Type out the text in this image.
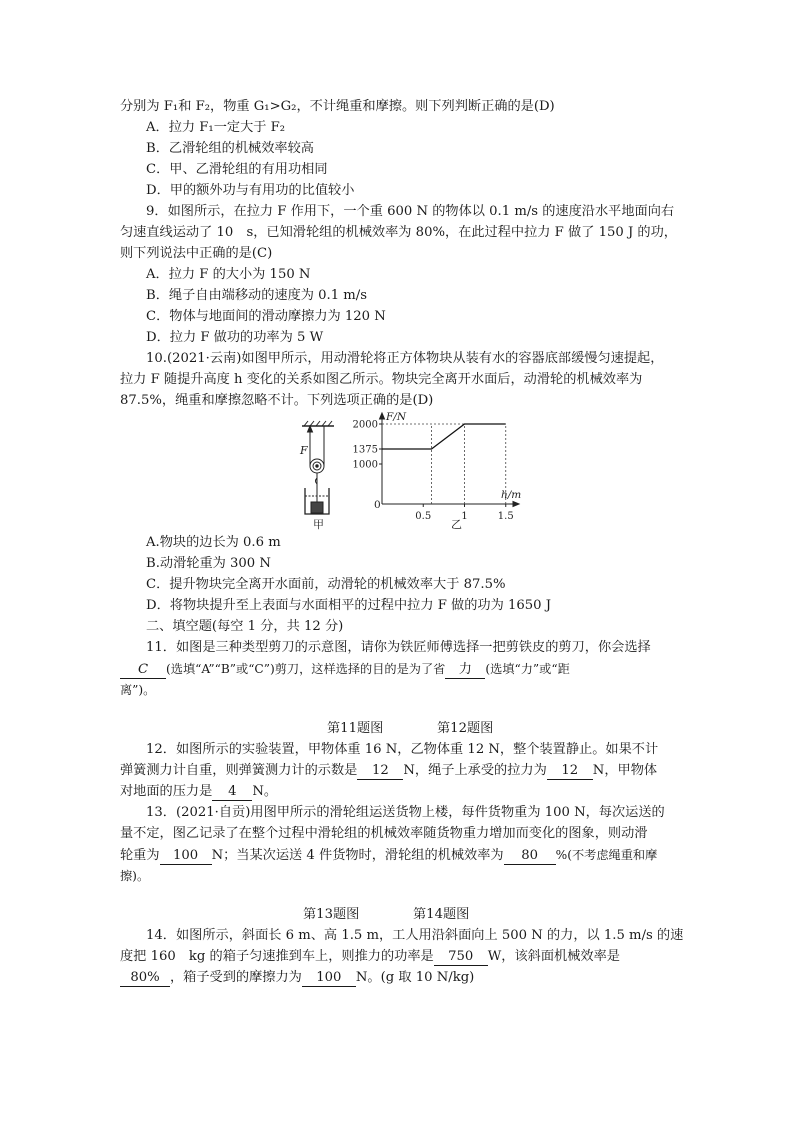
分别为 F₁和 F₂，物重 G₁>G₂，不计绳重和摩擦。则下列判断正确的是(D)
A．拉力 F₁一定大于 F₂
B．乙滑轮组的机械效率较高
C．甲、乙滑轮组的有用功相同
D．甲的额外功与有用功的比值较小
9．如图所示，在拉力 F 作用下，一个重 600 N 的物体以 0.1 m/s 的速度沿水平地面向右
匀速直线运动了 10　s，已知滑轮组的机械效率为 80%，在此过程中拉力 F 做了 150 J 的功，
则下列说法中正确的是(C)
A．拉力 F 的大小为 150 N
B．绳子自由端移动的速度为 0.1 m/s
C．物体与地面间的滑动摩擦力为 120 N
D．拉力 F 做功的功率为 5 W
10.(2021·云南)如图甲所示，用动滑轮将正方体物块从装有水的容器底部缓慢匀速提起，
拉力 F 随提升高度 h 变化的关系如图乙所示。物块完全离开水面后，动滑轮的机械效率为
87.5%，绳重和摩擦忽略不计。下列选项正确的是(D)
F
甲
1000
1375
2000
0.5	1	1.5
F/N
h/m
0
乙
A.物块的边长为 0.6 m
B.动滑轮重为 300 N
C．提升物块完全离开水面前，动滑轮的机械效率大于 87.5%
D．将物块提升至上表面与水面相平的过程中拉力 F 做的功为 1650 J
二、填空题(每空 1 分，共 12 分)
11．如图是三种类型剪刀的示意图，请你为铁匠师傅选择一把剪铁皮的剪刀，你会选择
C (选填“A”“B”或“C”)剪刀，这样选择的目的是为了省 力 (选填“力”或“距
离”)。
第11题图	第12题图
12．如图所示的实验装置，甲物体重 16 N，乙物体重 12 N，整个装置静止。如果不计
弹簧测力计自重，则弹簧测力计的示数是 12 N，绳子上承受的拉力为 12 N，甲物体
对地面的压力是 4 N。
13．(2021·自贡)用图甲所示的滑轮组运送货物上楼，每件货物重为 100 N，每次运送的
量不定，图乙记录了在整个过程中滑轮组的机械效率随货物重力增加而变化的图象，则动滑
轮重为 100 N；当某次运送 4 件货物时，滑轮组的机械效率为 80 %(不考虑绳重和摩
擦)。
第13题图	第14题图
14．如图所示，斜面长 6 m、高 1.5 m，工人用沿斜面向上 500 N 的力，以 1.5 m/s 的速
度把 160　kg 的箱子匀速推到车上，则推力的功率是 750 W，该斜面机械效率是
80% ，箱子受到的摩擦力为 100 N。(g 取 10 N/kg)
